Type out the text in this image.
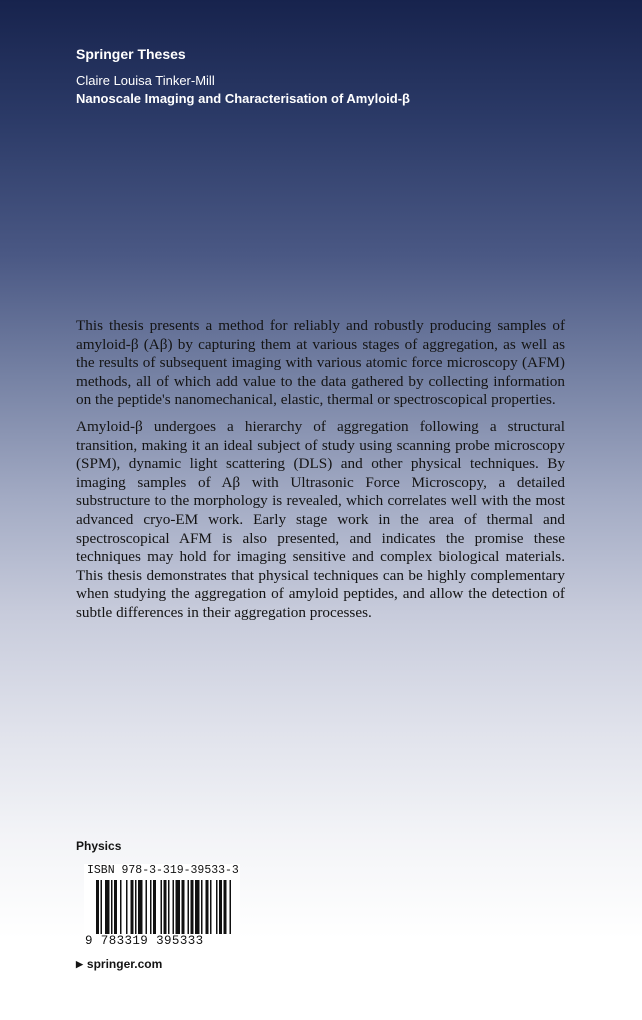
Springer Theses
Claire Louisa Tinker-Mill
Nanoscale Imaging and Characterisation of Amyloid-β

This thesis presents a method for reliably and robustly producing samples of amyloid-β (Aβ) by capturing them at various stages of aggregation, as well as the results of subsequent imaging with various atomic force microscopy (AFM) methods, all of which add value to the data gathered by collecting information on the peptide's nanomechanical, elastic, thermal or spectroscopical properties.

Amyloid-β undergoes a hierarchy of aggregation following a structural transition, making it an ideal subject of study using scanning probe microscopy (SPM), dynamic light scattering (DLS) and other physical techniques. By imaging samples of Aβ with Ultrasonic Force Microscopy, a detailed substructure to the morphology is revealed, which correlates well with the most advanced cryo-EM work. Early stage work in the area of thermal and spectroscopical AFM is also presented, and indicates the promise these techniques may hold for imaging sensitive and complex biological materials. This thesis demonstrates that physical techniques can be highly complementary when studying the aggregation of amyloid peptides, and allow the detection of subtle differences in their aggregation processes.

Physics
ISBN 978-3-319-39533-3
9 783319 395333
▶ springer.com
